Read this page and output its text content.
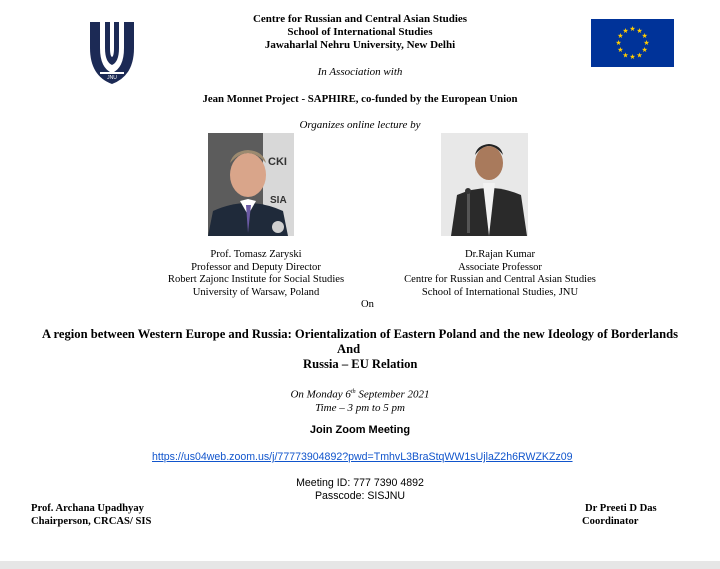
JNU
Centre for Russian and Central Asian Studies
School of International Studies
Jawaharlal Nehru University, New Delhi
★ ★
★
★
★
★
★
★
★
★
★
★
In Association with
Jean Monnet Project - SAPHIRE, co-funded by the European Union
Organizes online lecture by
CKI
SIA
Prof. Tomasz Zaryski
Professor and Deputy Director
Robert Zajonc Institute for Social Studies
University of Warsaw, Poland
Dr.Rajan Kumar
Associate Professor
Centre for Russian and Central Asian Studies
School of International Studies, JNU
On
A region between Western Europe and Russia: Orientalization of Eastern Poland and the new Ideology of Borderlands
And
Russia – EU Relation
On Monday 6th September 2021
Time – 3 pm to 5 pm
Join Zoom Meeting
https://us04web.zoom.us/j/77773904892?pwd=TmhvL3BraStqWW1sUjlaZ2h6RWZKZz09
Meeting ID: 777 7390 4892
Passcode: SISJNU
Prof. Archana Upadhyay
Chairperson, CRCAS/ SIS
Dr Preeti D Das
Coordinator
